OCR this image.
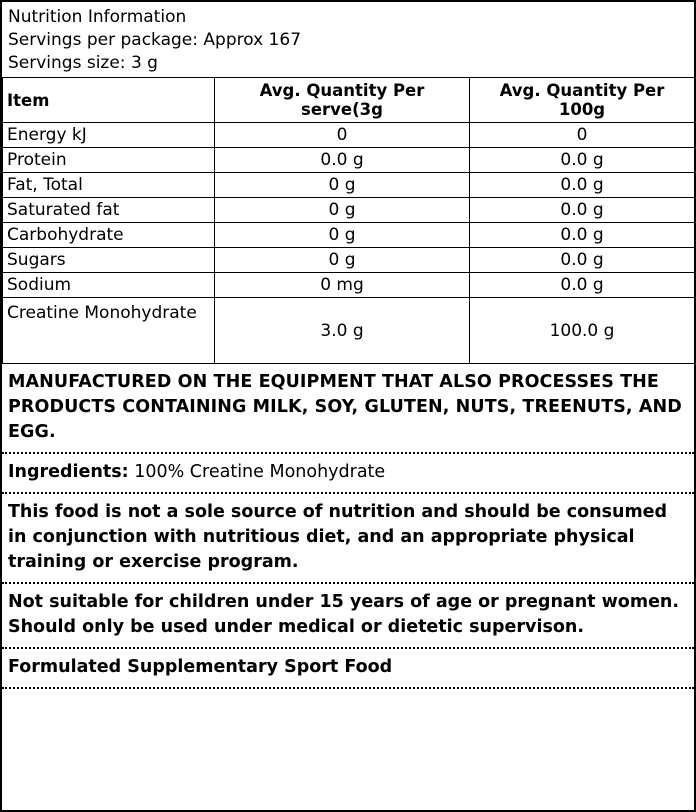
Nutrition Information
Servings per package: Approx 167
Servings size: 3 g
Item	Avg. Quantity Per serve(3g	Avg. Quantity Per 100g
Energy kJ	0	0
Protein	0.0 g	0.0 g
Fat, Total	0 g	0.0 g
Saturated fat	0 g	0.0 g
Carbohydrate	0 g	0.0 g
Sugars	0 g	0.0 g
Sodium	0 mg	0.0 g
Creatine Monohydrate	3.0 g	100.0 g
MANUFACTURED ON THE EQUIPMENT THAT ALSO PROCESSES THE PRODUCTS CONTAINING MILK, SOY, GLUTEN, NUTS, TREENUTS, AND EGG.
Ingredients: 100% Creatine Monohydrate
This food is not a sole source of nutrition and should be consumed in conjunction with nutritious diet, and an appropriate physical training or exercise program.
Not suitable for children under 15 years of age or pregnant women.
Should only be used under medical or dietetic supervison.
Formulated Supplementary Sport Food
